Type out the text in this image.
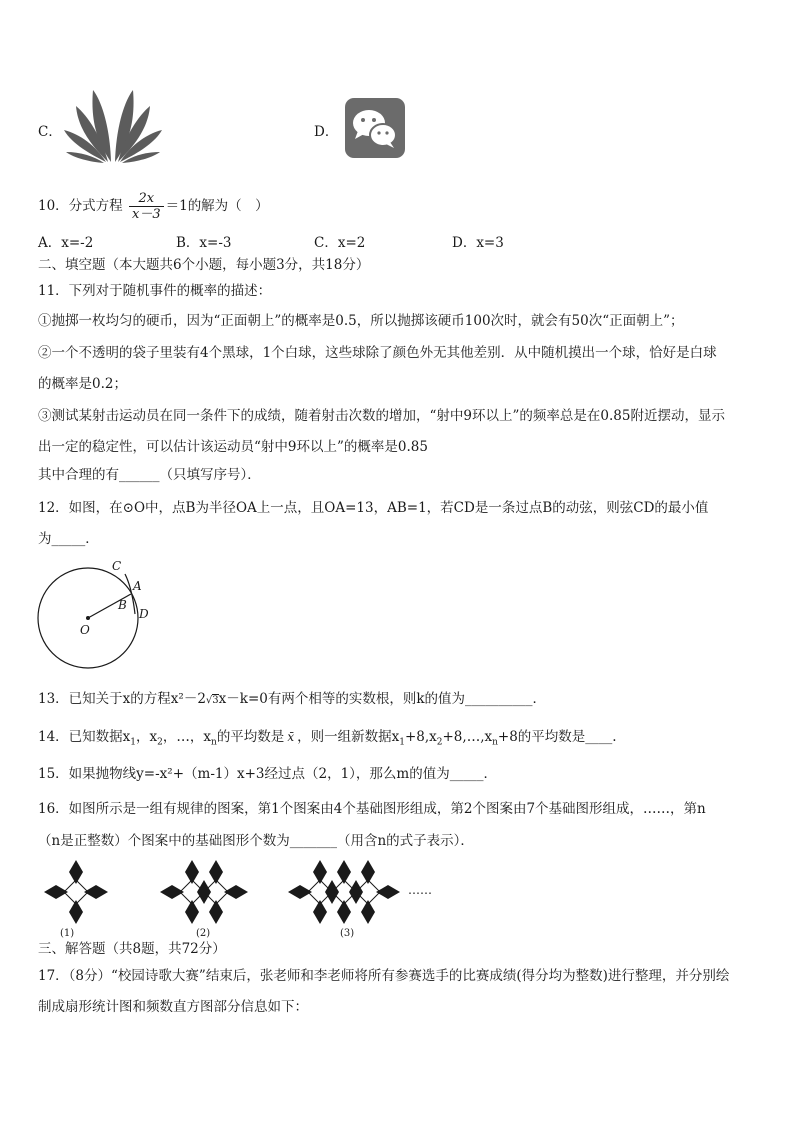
C．	D．
10．分式方程 $\frac{2x}{x-3} =1$的解为（　）
A．x=-2	B．x=-3	C．x=2	D．x=3
二、填空题（本大题共6个小题，每小题3分，共18分）
11．下列对于随机事件的概率的描述：
①抛掷一枚均匀的硬币，因为“正面朝上”的概率是0.5，所以抛掷该硬币100次时，就会有50次“正面朝上”；
②一个不透明的袋子里装有4个黑球，1个白球，这些球除了颜色外无其他差别．从中随机摸出一个球，恰好是白球
的概率是0.2；
③测试某射击运动员在同一条件下的成绩，随着射击次数的增加，“射中9环以上”的频率总是在0.85附近摆动，显示
出一定的稳定性，可以估计该运动员“射中9环以上”的概率是0.85
其中合理的有______（只填写序号）．
12．如图，在⊙O中，点B为半径OA上一点，且OA=13，AB=1，若CD是一条过点B的动弦，则弦CD的最小值
为_____．
C
A
B
D
O
13．已知关于x的方程x²－2√3x－k=0有两个相等的实数根，则k的值为__________．
14．已知数据$x_1$，$x_2$，…，$x_n$的平均数是 x̄ ，则一组新数据$x_1+8,x_2+8,\dots,x_n+8$的平均数是____.
15．如果抛物线y=-x²+（m-1）x+3经过点（2，1），那么m的值为_____．
16．如图所示是一组有规律的图案，第1个图案由4个基础图形组成，第2个图案由7个基础图形组成，……，第n
（n是正整数）个图案中的基础图形个数为_______（用含n的式子表示）．
(1)	(2)	(3)
……
三、解答题（共8题，共72分）
17．（8分）“校园诗歌大赛”结束后，张老师和李老师将所有参赛选手的比赛成绩(得分均为整数)进行整理，并分别绘
制成扇形统计图和频数直方图部分信息如下：
